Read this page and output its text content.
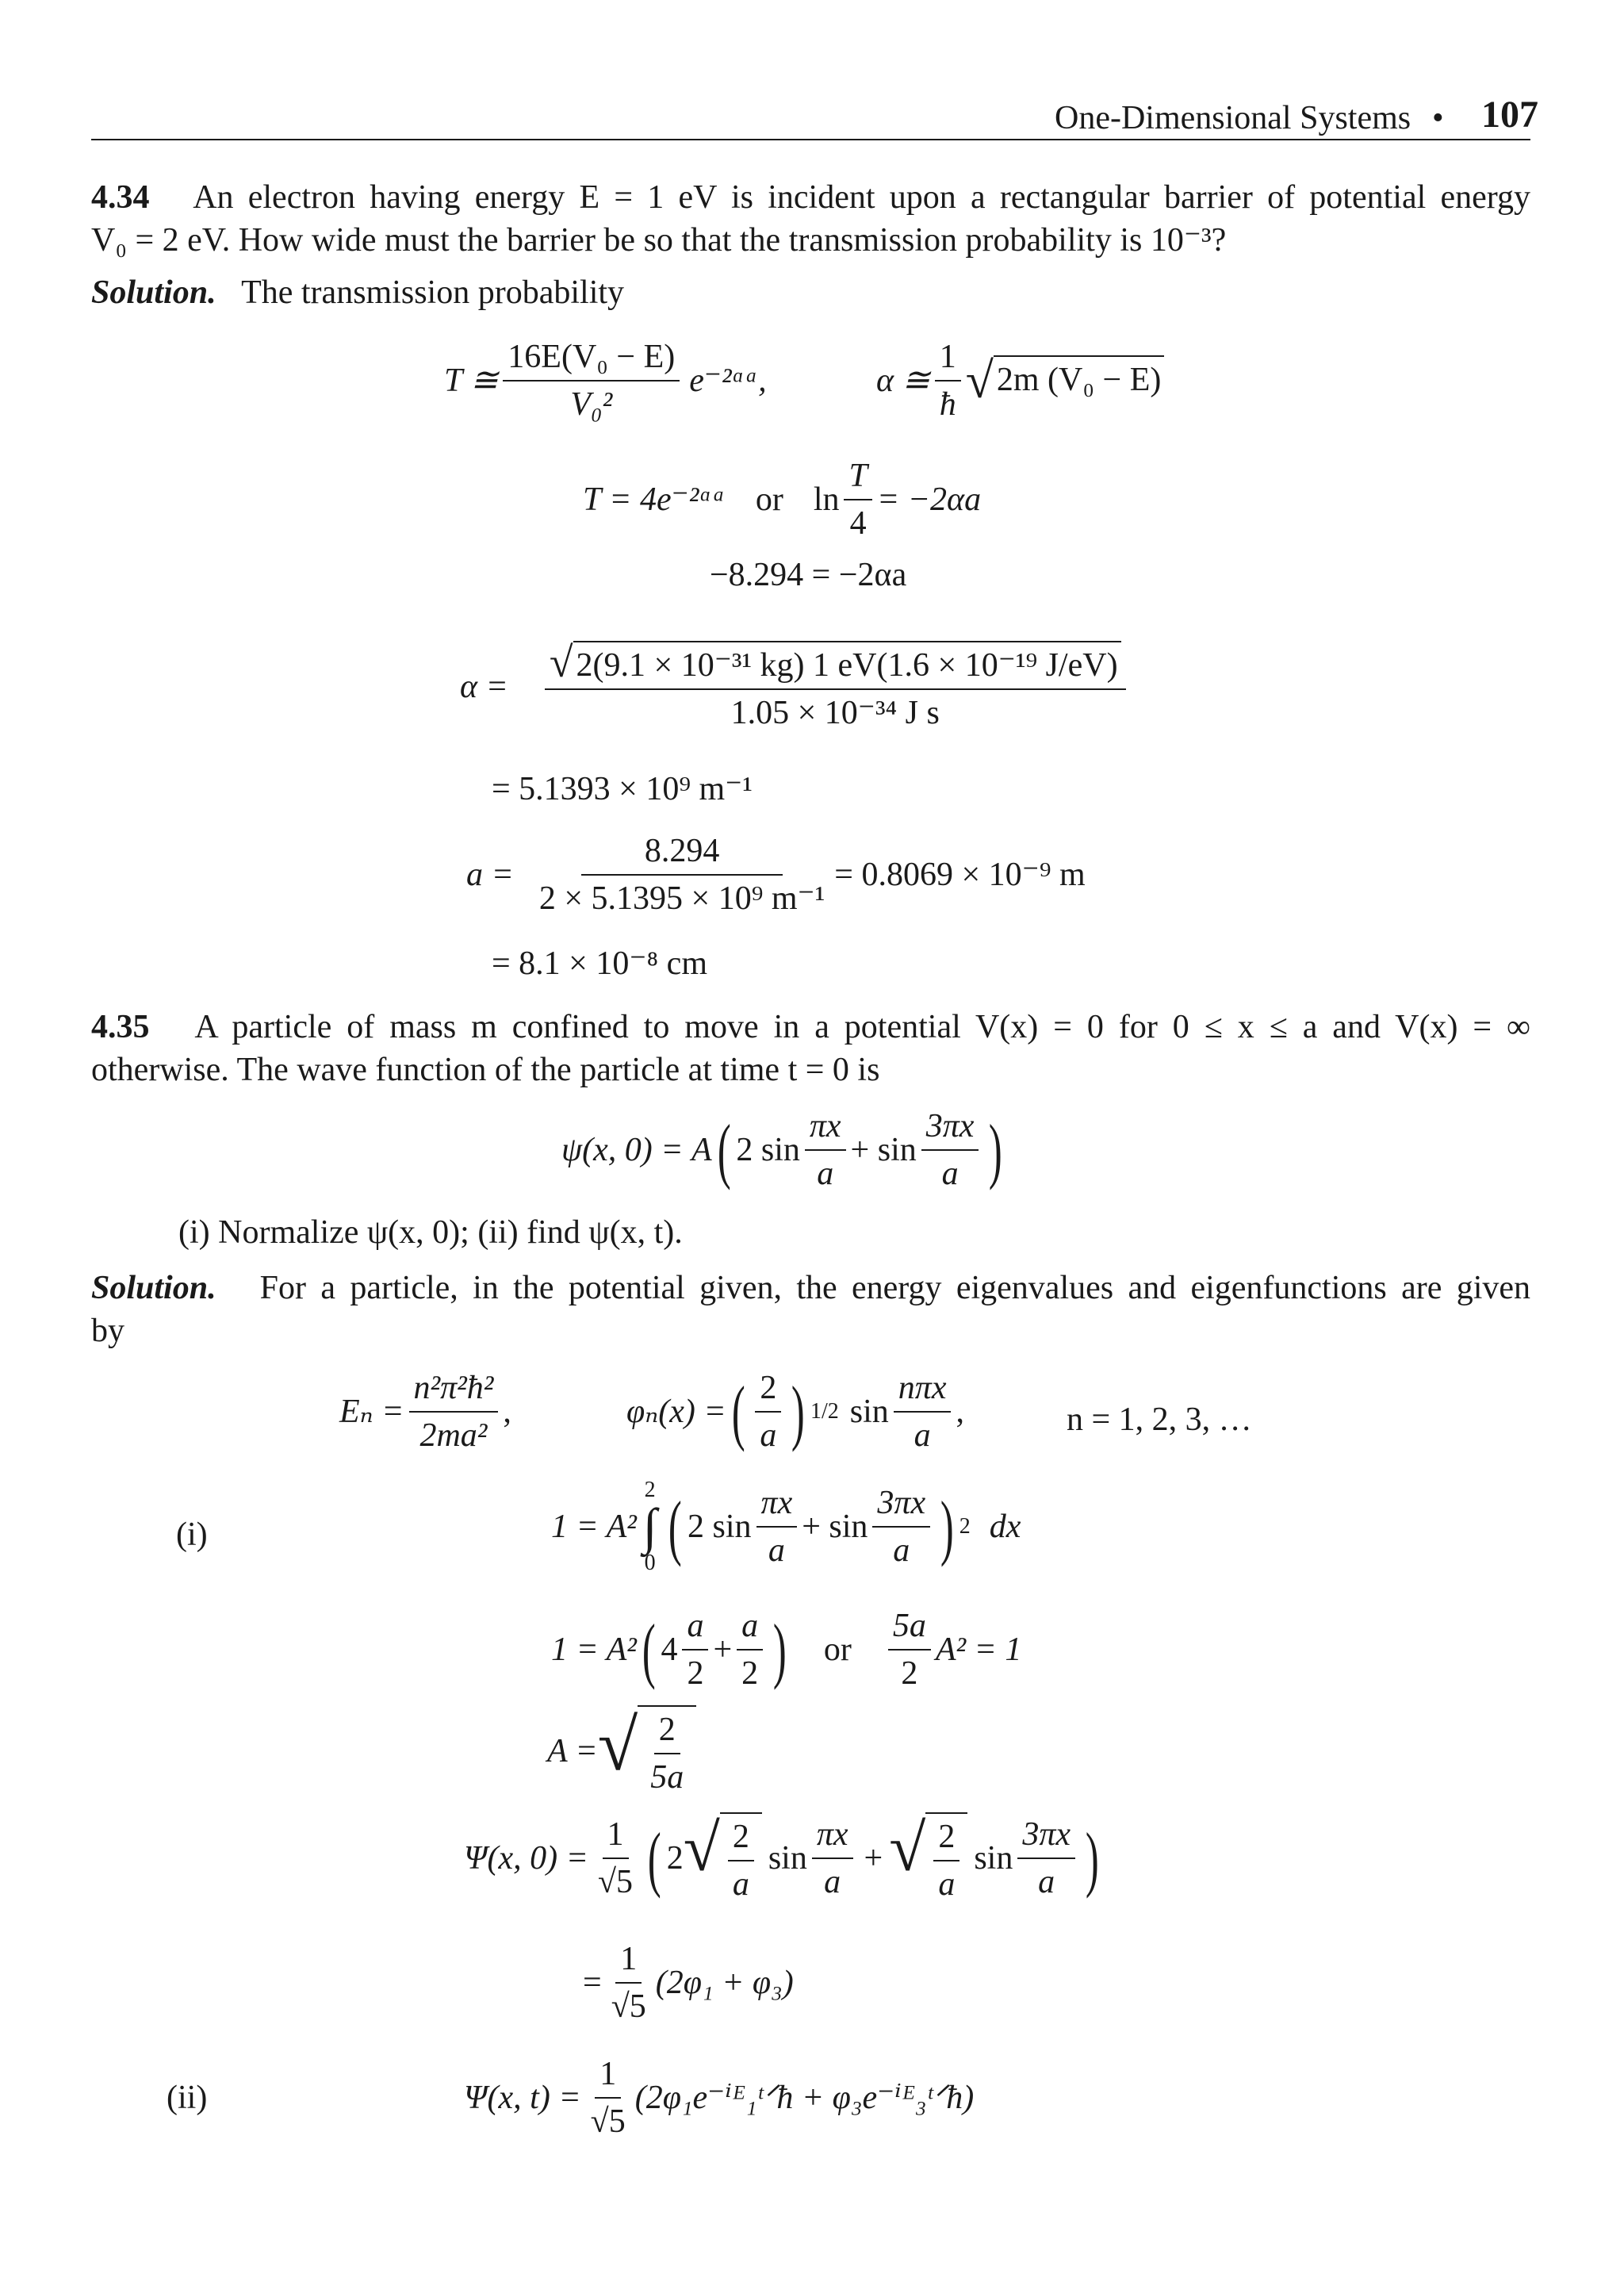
One-Dimensional Systems • 107
4.34 An electron having energy E = 1 eV is incident upon a rectangular barrier of potential energy
V₀ = 2 eV. How wide must the barrier be so that the transmission probability is 10⁻³?
Solution. The transmission probability
T ≅ $\frac{\text{16E(V₀ − E)}}{\text{V₀²}}$ e⁻²ᵅᵃ,	α ≅ $\frac{1}{ħ}$ √ 2m (V₀ − E)
T = 4e⁻²ᵅᵃ or $\ln \frac{T}{4} = -2\alpha a$
−8.294 = −2αa
$\alpha = \frac{\text{√ 2(9.1 × 10⁻³¹ kg) 1 eV(1.6 × 10⁻¹⁹ J/eV)}}{\text{1.05 × 10⁻³⁴ J s}}$
= 5.1393 × 10⁹ m⁻¹
$a = \frac{8.294}{\text{2 × 5.1395 × 10⁹ m⁻¹}} = 0.8069 \times 10^{-9}$ m
= 8.1 × 10⁻⁸ cm
4.35 A particle of mass m confined to move in a potential V(x) = 0 for 0 ≤ x ≤ a and V(x) = ∞
otherwise. The wave function of the particle at time t = 0 is
ψ(x, 0) = A ( 2 $\sin \frac{\pi x}{a} + \sin \frac{3\pi x}{a}$ )
(i) Normalize ψ(x, 0); (ii) find ψ(x, t).
Solution. For a particle, in the potential given, the energy eigenvalues and eigenfunctions are given
by
$E_n = \frac{\text{n²π²ħ²}}{\text{2ma²}}$ ,	φₙ(x) = ( $\frac{2}{a}$ ) 1/2 $\sin \frac{\text{nπx}}{a}$ ,	n = 1, 2, 3, …
(i)	1 = A²
2
∫
0 ( 2 $\sin \frac{\pi x}{a} + \sin \frac{3\pi x}{a}$ ) 2 dx
1 = A² ( $4 \frac{a}{2} + \frac{a}{2}$ ) or $\frac{5a}{2} A^2 = 1$
A = √ $\frac{2}{5a}$
Ψ(x, $0) = \frac{1}{√5}$ ( 2 √ $\frac{2}{a}$ $\sin \frac{\pi x}{a}$ + √ $\frac{2}{a}$ $\sin \frac{3\pi x}{a}$ )
= $\frac{1}{√5} (2\varphi_1 + \varphi_3)$
(ii)	Ψ(x, $t) = \frac{1}{√5}$ (2φ₁e⁻ⁱᴱ₁ᵗᐟħ + φ₃e⁻ⁱᴱ₃ᵗᐟħ)
